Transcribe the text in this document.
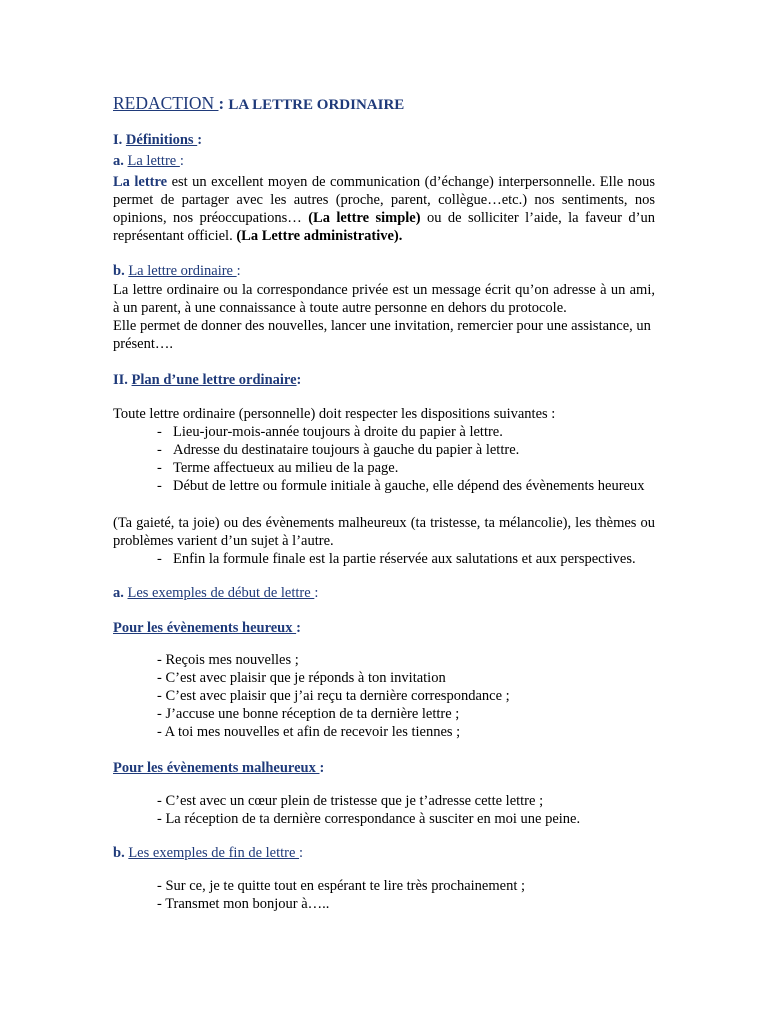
REDACTION : LA LETTRE ORDINAIRE

I. Définitions :

a. La lettre :

La lettre est un excellent moyen de communication (d’échange) interpersonnelle. Elle nous permet de partager avec les autres (proche, parent, collègue…etc.) nos sentiments, nos opinions, nos préoccupations… (La lettre simple) ou de solliciter l’aide, la faveur d’un représentant officiel. (La Lettre administrative).

b. La lettre ordinaire :

La lettre ordinaire ou la correspondance privée est un message écrit qu’on adresse à un ami, à un parent, à une connaissance à toute autre personne en dehors du protocole.

Elle permet de donner des nouvelles, lancer une invitation, remercier pour une assistance, un présent….

II. Plan d’une lettre ordinaire:

Toute lettre ordinaire (personnelle) doit respecter les dispositions suivantes :

- Lieu-jour-mois-année toujours à droite du papier à lettre.
- Adresse du destinataire toujours à gauche du papier à lettre.
- Terme affectueux au milieu de la page.
- Début de lettre ou formule initiale à gauche, elle dépend des évènements heureux

(Ta gaieté, ta joie) ou des évènements malheureux (ta tristesse, ta mélancolie), les thèmes ou problèmes varient d’un sujet à l’autre.

- Enfin la formule finale est la partie réservée aux salutations et aux perspectives.

a. Les exemples de début de lettre :

Pour les évènements heureux :

- Reçois mes nouvelles ;
- C’est avec plaisir que je réponds à ton invitation
- C’est avec plaisir que j’ai reçu ta dernière correspondance ;
- J’accuse une bonne réception de ta dernière lettre ;
- A toi mes nouvelles et afin de recevoir les tiennes ;

Pour les évènements malheureux :

- C’est avec un cœur plein de tristesse que je t’adresse cette lettre ;
- La réception de ta dernière correspondance à susciter en moi une peine.

b. Les exemples de fin de lettre :

- Sur ce, je te quitte tout en espérant te lire très prochainement ;
- Transmet mon bonjour à…..
